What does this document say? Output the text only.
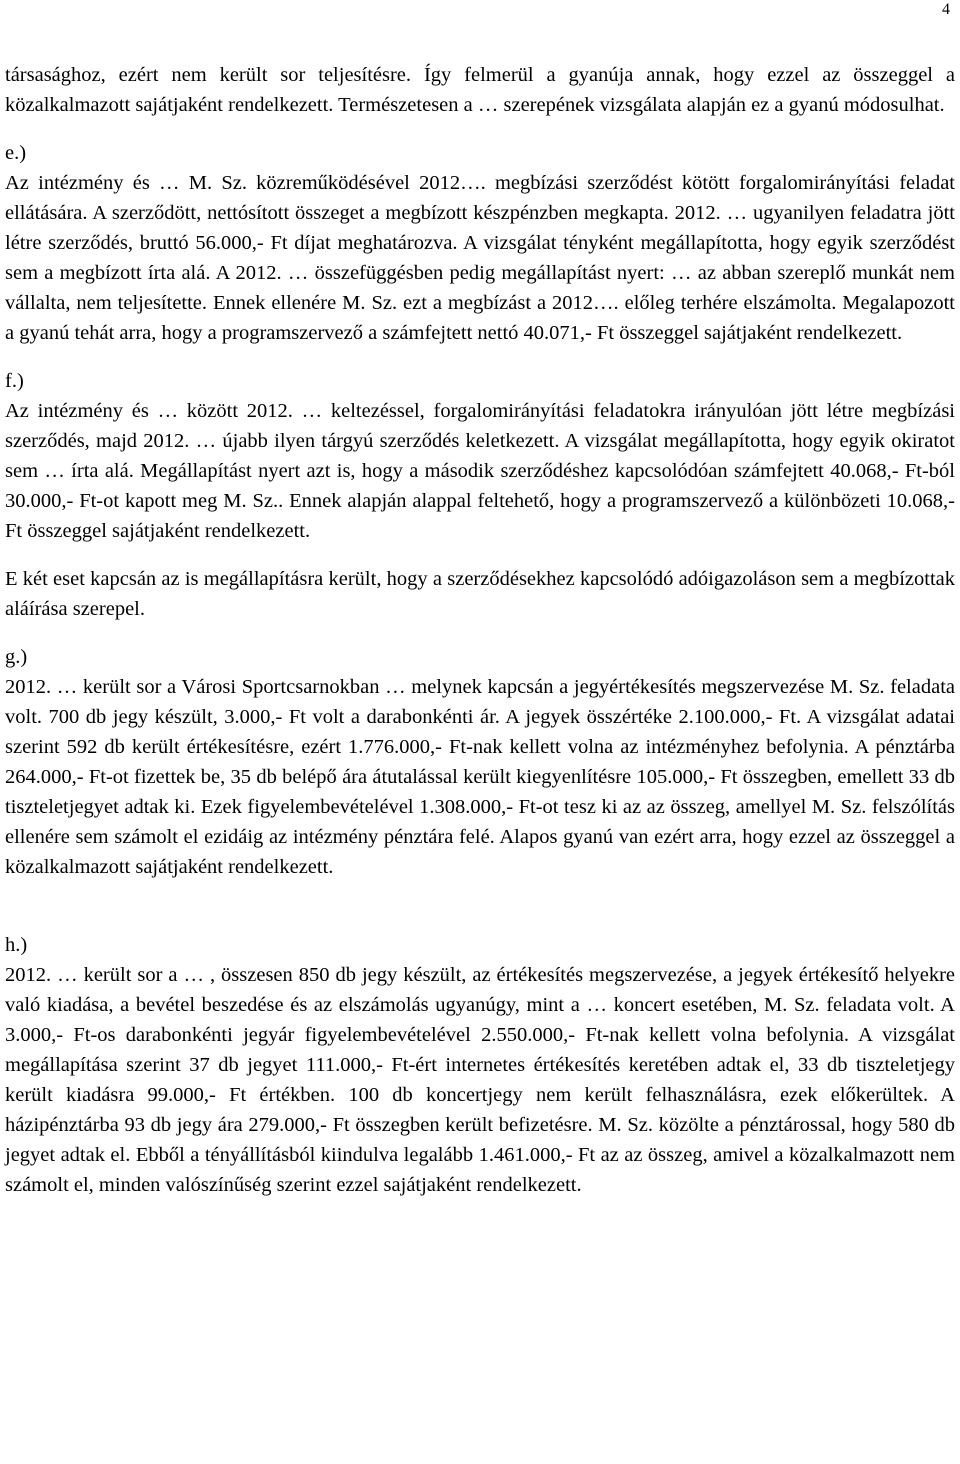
4

társasághoz, ezért nem került sor teljesítésre. Így felmerül a gyanúja annak, hogy ezzel az összeggel a közalkalmazott sajátjaként rendelkezett. Természetesen a … szerepének vizsgálata alapján ez a gyanú módosulhat.

e.)

Az intézmény és … M. Sz. közreműködésével 2012…. megbízási szerződést kötött forgalomirányítási feladat ellátására. A szerződött, nettósított összeget a megbízott készpénzben megkapta. 2012. … ugyanilyen feladatra jött létre szerződés, bruttó 56.000,- Ft díjat meghatározva. A vizsgálat tényként megállapította, hogy egyik szerződést sem a megbízott írta alá. A 2012. … összefüggésben pedig megállapítást nyert: … az abban szereplő munkát nem vállalta, nem teljesítette. Ennek ellenére M. Sz. ezt a megbízást a 2012…. előleg terhére elszámolta. Megalapozott a gyanú tehát arra, hogy a programszervező a számfejtett nettó 40.071,- Ft összeggel sajátjaként rendelkezett.

f.)

Az intézmény és … között 2012. … keltezéssel, forgalomirányítási feladatokra irányulóan jött létre megbízási szerződés, majd 2012. … újabb ilyen tárgyú szerződés keletkezett. A vizsgálat megállapította, hogy egyik okiratot sem … írta alá. Megállapítást nyert azt is, hogy a második szerződéshez kapcsolódóan számfejtett 40.068,- Ft-ból 30.000,- Ft-ot kapott meg M. Sz.. Ennek alapján alappal feltehető, hogy a programszervező a különbözeti 10.068,- Ft összeggel sajátjaként rendelkezett.

E két eset kapcsán az is megállapításra került, hogy a szerződésekhez kapcsolódó adóigazoláson sem a megbízottak aláírása szerepel.

g.)

2012. … került sor a Városi Sportcsarnokban … melynek kapcsán a jegyértékesítés megszervezése M. Sz. feladata volt. 700 db jegy készült, 3.000,- Ft volt a darabonkénti ár. A jegyek összértéke 2.100.000,- Ft. A vizsgálat adatai szerint 592 db került értékesítésre, ezért 1.776.000,- Ft-nak kellett volna az intézményhez befolynia. A pénztárba 264.000,- Ft-ot fizettek be, 35 db belépő ára átutalással került kiegyenlítésre 105.000,- Ft összegben, emellett 33 db tiszteletjegyet adtak ki. Ezek figyelembevételével 1.308.000,- Ft-ot tesz ki az az összeg, amellyel M. Sz. felszólítás ellenére sem számolt el ezidáig az intézmény pénztára felé. Alapos gyanú van ezért arra, hogy ezzel az összeggel a közalkalmazott sajátjaként rendelkezett.

h.)

2012. … került sor a … , összesen 850 db jegy készült, az értékesítés megszervezése, a jegyek értékesítő helyekre való kiadása, a bevétel beszedése és az elszámolás ugyanúgy, mint a … koncert esetében, M. Sz. feladata volt. A 3.000,- Ft-os darabonkénti jegyár figyelembevételével 2.550.000,- Ft-nak kellett volna befolynia. A vizsgálat megállapítása szerint 37 db jegyet 111.000,- Ft-ért internetes értékesítés keretében adtak el, 33 db tiszteletjegy került kiadásra 99.000,- Ft értékben. 100 db koncertjegy nem került felhasználásra, ezek előkerültek. A házipénztárba 93 db jegy ára 279.000,- Ft összegben került befizetésre. M. Sz. közölte a pénztárossal, hogy 580 db jegyet adtak el. Ebből a tényállításból kiindulva legalább 1.461.000,- Ft az az összeg, amivel a közalkalmazott nem számolt el, minden valószínűség szerint ezzel sajátjaként rendelkezett.
